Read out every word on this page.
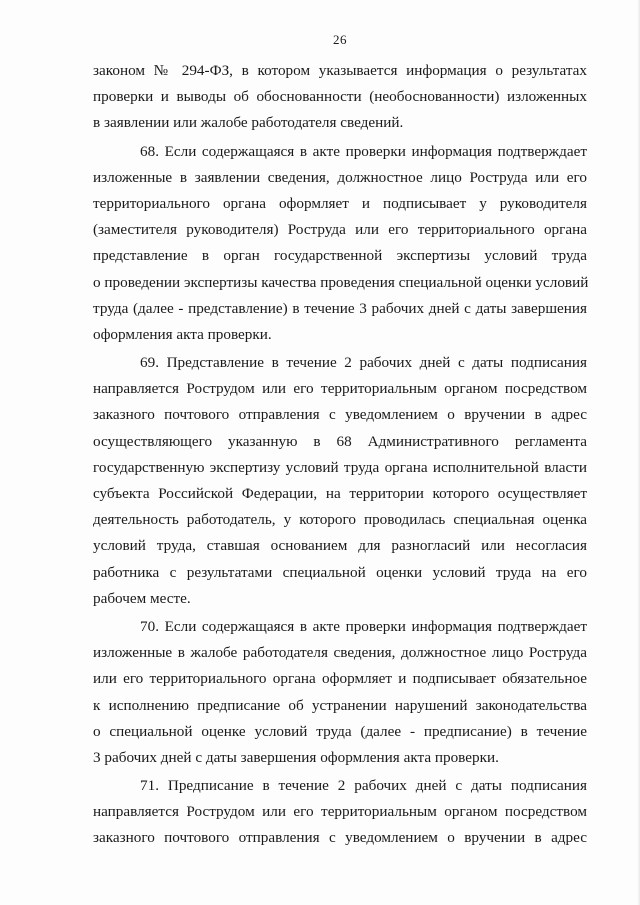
26
законом № 294-ФЗ, в котором указывается информация о результатах
проверки и выводы об обоснованности (необоснованности) изложенных
в заявлении или жалобе работодателя сведений.
68. Если содержащаяся в акте проверки информация подтверждает
изложенные в заявлении сведения, должностное лицо Роструда или его
территориального органа оформляет и подписывает у руководителя
(заместителя руководителя) Роструда или его территориального органа
представление в орган государственной экспертизы условий труда
о проведении экспертизы качества проведения специальной оценки условий
труда (далее - представление) в течение 3 рабочих дней с даты завершения
оформления акта проверки.
69. Представление в течение 2 рабочих дней с даты подписания
направляется Рострудом или его территориальным органом посредством
заказного почтового отправления с уведомлением о вручении в адрес
осуществляющего указанную в 68 Административного регламента
государственную экспертизу условий труда органа исполнительной власти
субъекта Российской Федерации, на территории которого осуществляет
деятельность работодатель, у которого проводилась специальная оценка
условий труда, ставшая основанием для разногласий или несогласия
работника с результатами специальной оценки условий труда на его
рабочем месте.
70. Если содержащаяся в акте проверки информация подтверждает
изложенные в жалобе работодателя сведения, должностное лицо Роструда
или его территориального органа оформляет и подписывает обязательное
к исполнению предписание об устранении нарушений законодательства
о специальной оценке условий труда (далее - предписание) в течение
3 рабочих дней с даты завершения оформления акта проверки.
71. Предписание в течение 2 рабочих дней с даты подписания
направляется Рострудом или его территориальным органом посредством
заказного почтового отправления с уведомлением о вручении в адрес
